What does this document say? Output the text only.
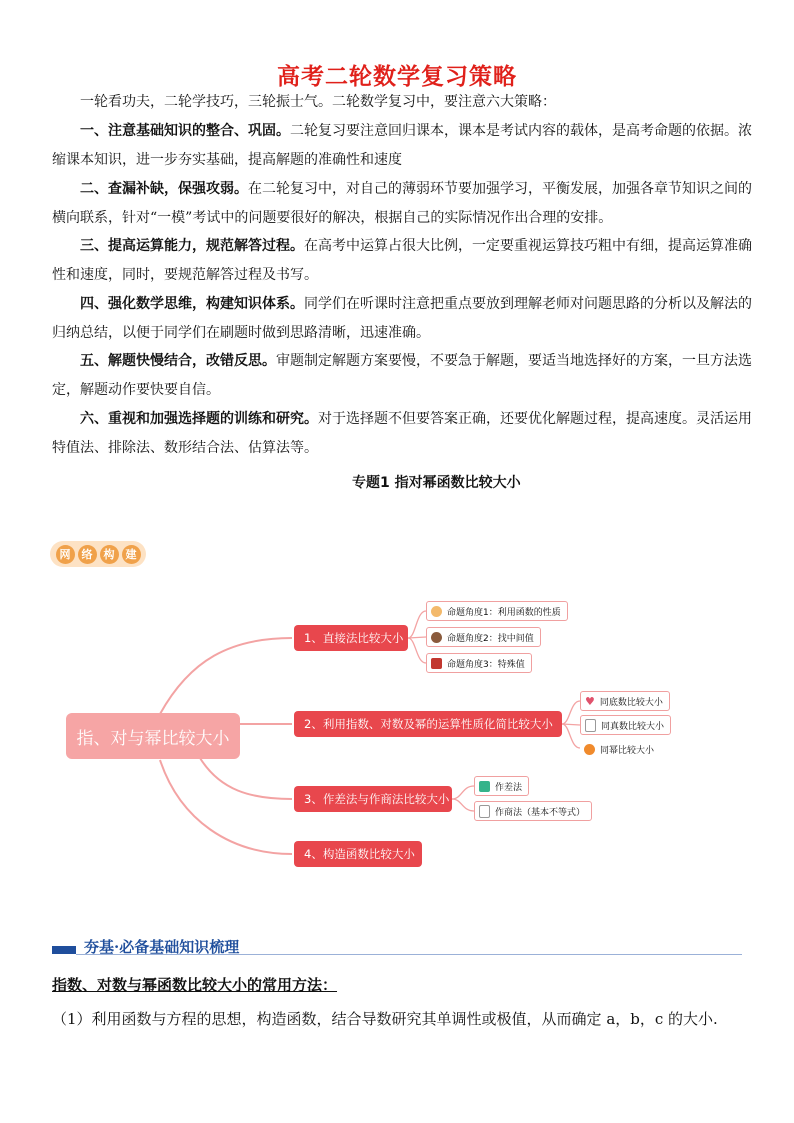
高考二轮数学复习策略

一轮看功夫，二轮学技巧，三轮振士气。二轮数学复习中，要注意六大策略：

一、注意基础知识的整合、巩固。二轮复习要注意回归课本，课本是考试内容的载体，是高考命题的依据。浓缩课本知识，进一步夯实基础，提高解题的准确性和速度

二、查漏补缺，保强攻弱。在二轮复习中，对自己的薄弱环节要加强学习，平衡发展，加强各章节知识之间的横向联系，针对“一模”考试中的问题要很好的解决，根据自己的实际情况作出合理的安排。

三、提高运算能力，规范解答过程。在高考中运算占很大比例，一定要重视运算技巧粗中有细，提高运算准确性和速度，同时，要规范解答过程及书写。

四、强化数学思维，构建知识体系。同学们在听课时注意把重点要放到理解老师对问题思路的分析以及解法的归纳总结，以便于同学们在刷题时做到思路清晰，迅速准确。

五、解题快慢结合，改错反思。审题制定解题方案要慢，不要急于解题，要适当地选择好的方案，一旦方法选定，解题动作要快要自信。

六、重视和加强选择题的训练和研究。对于选择题不但要答案正确，还要优化解题过程，提高速度。灵活运用特值法、排除法、数形结合法、估算法等。

专题1 指对幂函数比较大小
网	络	构	建
指、对与幂比较大小
1、直接法比较大小
2、利用指数、对数及幂的运算性质化简比较大小
3、作差法与作商法比较大小
4、构造函数比较大小
命题角度1：利用函数的性质
命题角度2：找中间值
命题角度3：特殊值
♥ 同底数比较大小
同真数比较大小
同幂比较大小
作差法
作商法（基本不等式）
夯基·必备基础知识梳理
指数、对数与幂函数比较大小的常用方法：

（1）利用函数与方程的思想，构造函数，结合导数研究其单调性或极值，从而确定 a，b，c 的大小.
